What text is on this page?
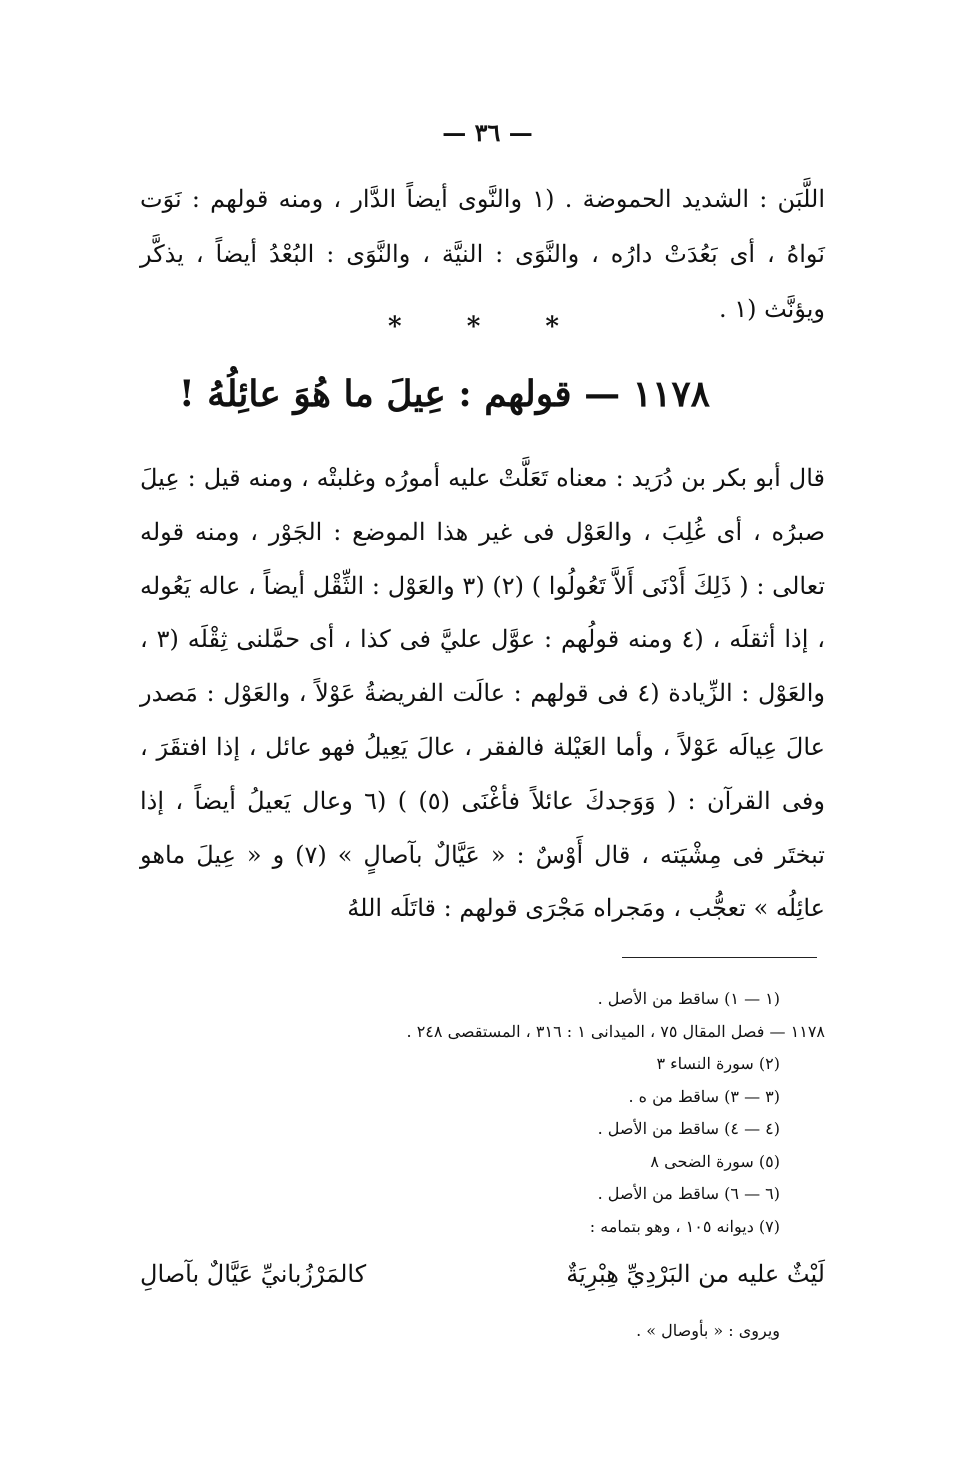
— ٣٦ —
اللَّبَن : الشديد الحموضة . (١ والنَّوى أيضاً الدَّار ، ومنه قولهم : نَوَت نَواهُ ، أى بَعُدَتْ دارُه ، والنَّوَى : النيَّة ، والنَّوَى : البُعْدُ أيضاً ، يذكَّر ويؤنَّث (١ .
* * *
١١٧٨ — قولهم : عِيلَ ما هُوَ عائِلُهُ !
قال أبو بكر بن دُرَيد : معناه تَعَلَّتْ عليه أمورُه وغلبتْه ، ومنه قيل : عِيلَ صبرُه ، أى غُلِبَ ، والعَوْل فى غير هذا الموضع : الجَوْر ، ومنه قوله تعالى : ( ذَلِكَ أَدْنَى أَلاَّ تَعُولُوا ) (٢) (٣ والعَوْل : الثِّقْل أيضاً ، عاله يَعُوله ، إذا أثقلَه ، (٤ ومنه قولُهم : عوَّل عليَّ فى كذا ، أى حمَّلنى ثِقْلَه (٣ ، والعَوْل : الزِّيادة (٤ فى قولهم : عالَت الفريضةُ عَوْلاً ، والعَوْل : مَصدر عالَ عِيالَه عَوْلاً ، وأما العَيْلة فالفقر ، عالَ يَعِيلُ فهو عائل ، إذا افتقَرَ ، وفى القرآن : ( وَوَجدكَ عائلاً فأغْنَى (٥) ) (٦ وعال يَعيلُ أيضاً ، إذا تبختَر فى مِشْيَته ، قال أَوْسٌ : « عَيَّالٌ بآصالٍ » (٧) و « عِيلَ ماهو عائِلُه » تعجُّب ، ومَجراه مَجْرَى قولهم : قاتَلَه اللهُ
(١ — ١) ساقط من الأصل .
١١٧٨ — فصل المقال ٧٥ ، الميدانى ١ : ٣١٦ ، المستقصى ٢٤٨ .
(٢) سورة النساء ٣
(٣ — ٣) ساقط من ه .
(٤ — ٤) ساقط من الأصل .
(٥) سورة الضحى ٨
(٦ — ٦) ساقط من الأصل .
(٧) ديوانه ١٠٥ ، وهو بتمامه :
لَيْثٌ عليه من البَرْدِيِّ هِبْرِيَةٌ
كالمَرْزُبانيِّ عَيَّالٌ بآصالِ
ويروى : « بأوصال » .
